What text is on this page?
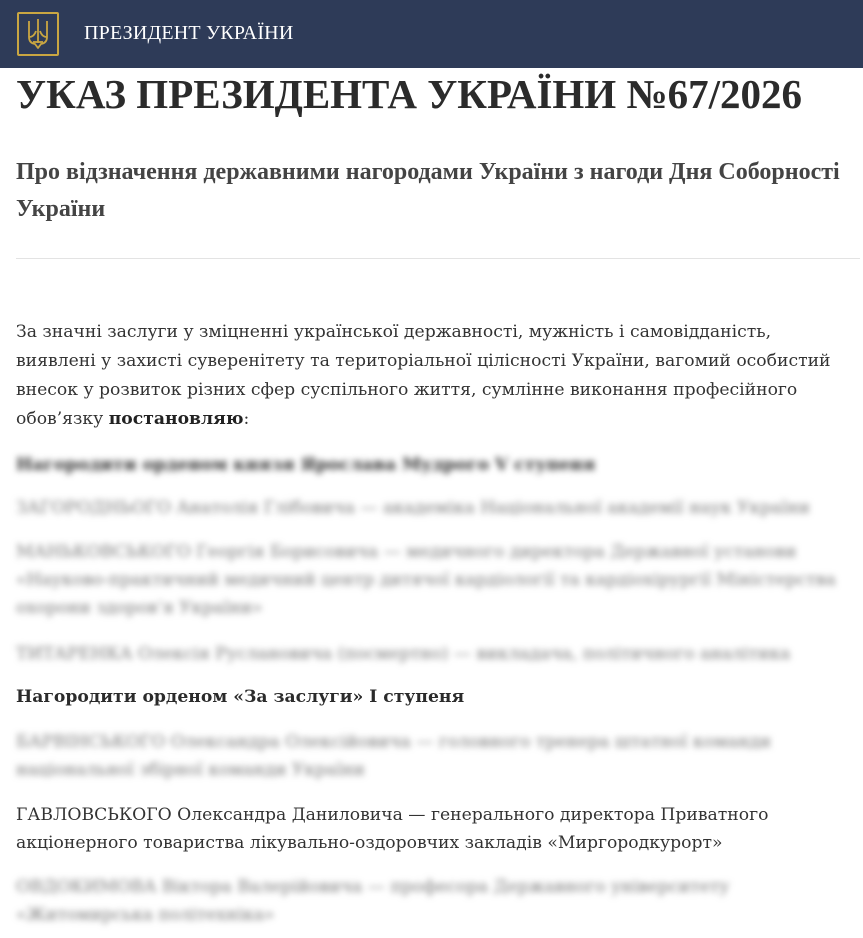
ПРЕЗИДЕНТ УКРАЇНИ
УКАЗ ПРЕЗИДЕНТА УКРАЇНИ №67/2026
Про відзначення державними нагородами України з нагоди Дня Соборності України

За значні заслуги у зміцненні української державності, мужність і самовідданість, виявлені у захисті суверенітету та територіальної цілісності України, вагомий особистий внесок у розвиток різних сфер суспільного життя, сумлінне виконання професійного обов’язку постановляю:

Нагородити орденом князя Ярослава Мудрого V ступеня
ЗАГОРОДНЬОГО Анатолія Глібовича — академіка Національної академії наук України
МАНЬКОВСЬКОГО Георгія Борисовича — медичного директора Державної установи «Науково-практичний медичний центр дитячої кардіології та кардіохірургії Міністерства охорони здоров’я України»
ТИТАРЕНКА Олексія Руслановича (посмертно) — викладача, політичного аналітика
Нагородити орденом «За заслуги» І ступеня
БАРВІНСЬКОГО Олександра Олексійовича — головного тренера штатної команди національної збірної команди України
ГАВЛОВСЬКОГО Олександра Даниловича — генерального директора Приватного акціонерного товариства лікувально-оздоровчих закладів «Миргородкурорт»
ОВДОКИМОВА Віктора Валерійовича — професора Державного університету «Житомирська політехніка»
